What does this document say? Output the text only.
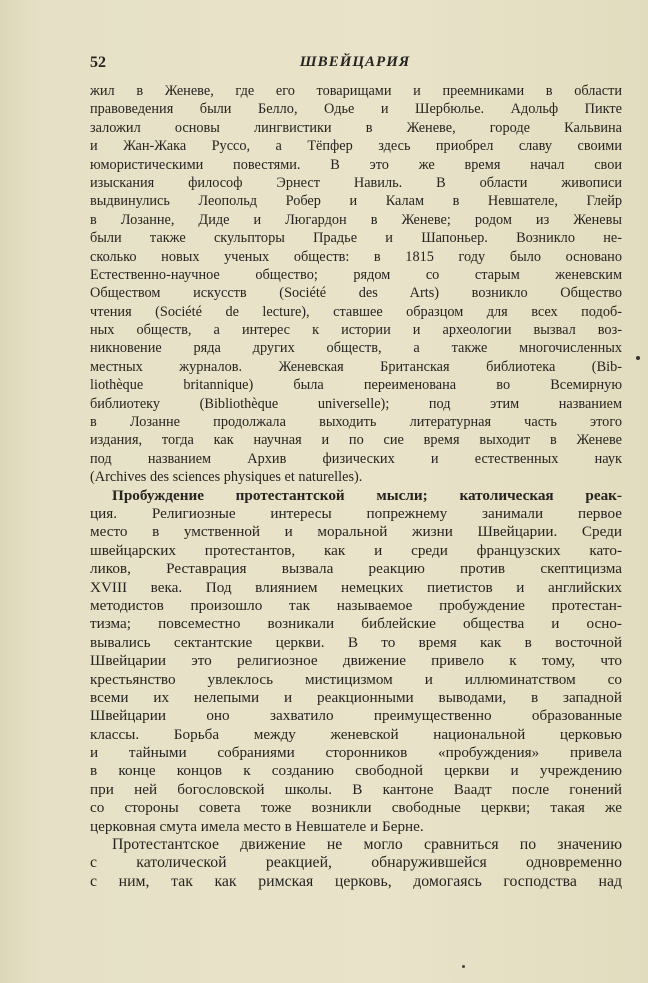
52	ШВЕЙЦАРИЯ
жил в Женеве, где его товарищами и преемниками в области
правоведения были Белло, Одье и Шербюлье. Адольф Пикте
заложил основы лингвистики в Женеве, городе Кальвина
и Жан-Жака Руссо, а Тёпфер здесь приобрел славу своими
юмористическими повестями. В это же время начал свои
изыскания философ Эрнест Навиль. В области живописи
выдвинулись Леопольд Робер и Калам в Невшателе, Глейр
в Лозанне, Диде и Люгардон в Женеве; родом из Женевы
были также скульпторы Прадье и Шапоньер. Возникло не-
сколько новых ученых обществ: в 1815 году было основано
Естественно-научное общество; рядом со старым женевским
Обществом искусств (Société des Arts) возникло Общество
чтения (Société de lecture), ставшее образцом для всех подоб-
ных обществ, а интерес к истории и археологии вызвал воз-
никновение ряда других обществ, а также многочисленных
местных журналов. Женевская Британская библиотека (Bib-
liothèque britannique) была переименована во Всемирную
библиотеку (Bibliothèque universelle); под этим названием
в Лозанне продолжала выходить литературная часть этого
издания, тогда как научная и по сие время выходит в Женеве
под названием Архив физических и естественных наук
(Archives des sciences physiques et naturelles).
Пробуждение протестантской мысли; католическая реак-
ция. Религиозные интересы попрежнему занимали первое
место в умственной и моральной жизни Швейцарии. Среди
швейцарских протестантов, как и среди французских като-
ликов, Реставрация вызвала реакцию против скептицизма
XVIII века. Под влиянием немецких пиетистов и английских
методистов произошло так называемое пробуждение протестан-
тизма; повсеместно возникали библейские общества и осно-
вывались сектантские церкви. В то время как в восточной
Швейцарии это религиозное движение привело к тому, что
крестьянство увлеклось мистицизмом и иллюминатством со
всеми их нелепыми и реакционными выводами, в западной
Швейцарии оно захватило преимущественно образованные
классы. Борьба между женевской национальной церковью
и тайными собраниями сторонников «пробуждения» привела
в конце концов к созданию свободной церкви и учреждению
при ней богословской школы. В кантоне Ваадт после гонений
со стороны совета тоже возникли свободные церкви; такая же
церковная смута имела место в Невшателе и Берне.
Протестантское движение не могло сравниться по значению
с католической реакцией, обнаружившейся одновременно
с ним, так как римская церковь, домогаясь господства над
